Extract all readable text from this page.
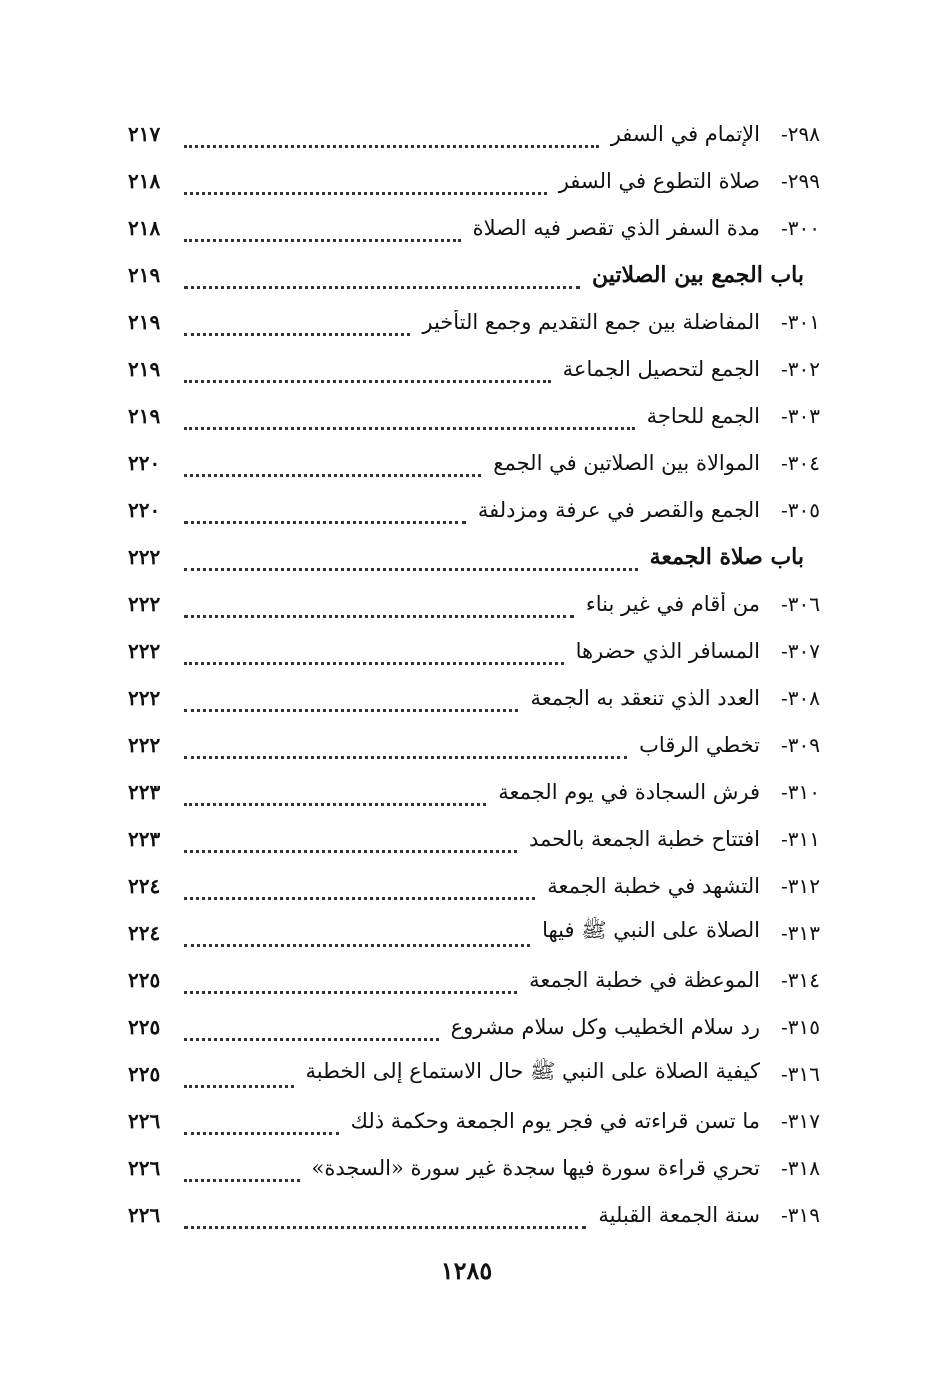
٢٩٨-
الإتمام في السفر
٢١٧
٢٩٩-
صلاة التطوع في السفر
٢١٨
٣٠٠-
مدة السفر الذي تقصر فيه الصلاة
٢١٨
باب الجمع بين الصلاتين
٢١٩
٣٠١-
المفاضلة بين جمع التقديم وجمع التأخير
٢١٩
٣٠٢-
الجمع لتحصيل الجماعة
٢١٩
٣٠٣-
الجمع للحاجة
٢١٩
٣٠٤-
الموالاة بين الصلاتين في الجمع
٢٢٠
٣٠٥-
الجمع والقصر في عرفة ومزدلفة
٢٢٠
باب صلاة الجمعة
٢٢٢
٣٠٦-
من أقام في غير بناء
٢٢٢
٣٠٧-
المسافر الذي حضرها
٢٢٢
٣٠٨-
العدد الذي تنعقد به الجمعة
٢٢٢
٣٠٩-
تخطي الرقاب
٢٢٢
٣١٠-
فرش السجادة في يوم الجمعة
٢٢٣
٣١١-
افتتاح خطبة الجمعة بالحمد
٢٢٣
٣١٢-
التشهد في خطبة الجمعة
٢٢٤
٣١٣-
الصلاة على النبي ﷺ فيها
٢٢٤
٣١٤-
الموعظة في خطبة الجمعة
٢٢٥
٣١٥-
رد سلام الخطيب وكل سلام مشروع
٢٢٥
٣١٦-
كيفية الصلاة على النبي ﷺ حال الاستماع إلى الخطبة
٢٢٥
٣١٧-
ما تسن قراءته في فجر يوم الجمعة وحكمة ذلك
٢٢٦
٣١٨-
تحري قراءة سورة فيها سجدة غير سورة «السجدة»
٢٢٦
٣١٩-
سنة الجمعة القبلية
٢٢٦
١٢٨٥
